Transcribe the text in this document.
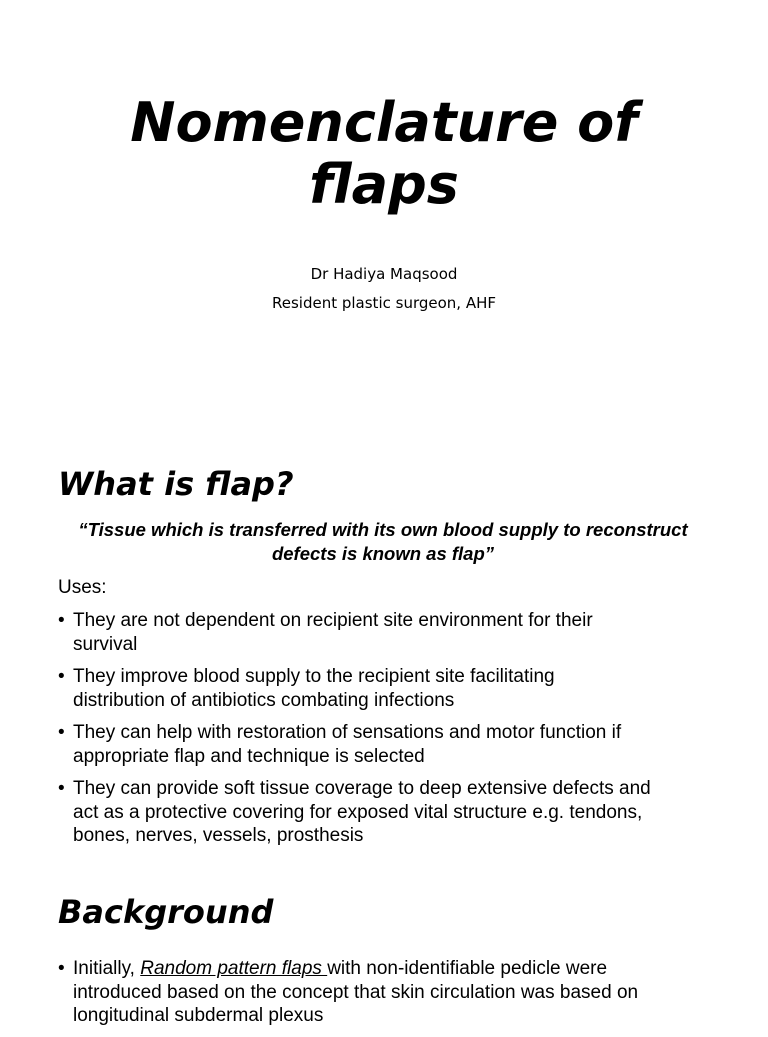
Nomenclature of
flaps
Dr Hadiya Maqsood
Resident plastic surgeon, AHF
What is flap?
“Tissue which is transferred with its own blood supply to reconstruct
defects is known as flap”
Uses:
• They are not dependent on recipient site environment for their
survival
• They improve blood supply to the recipient site facilitating
distribution of antibiotics combating infections
• They can help with restoration of sensations and motor function if
appropriate flap and technique is selected
• They can provide soft tissue coverage to deep extensive defects and
act as a protective covering for exposed vital structure e.g. tendons,
bones, nerves, vessels, prosthesis
Background
• Initially, Random pattern flaps with non-identifiable pedicle were
introduced based on the concept that skin circulation was based on
longitudinal subdermal plexus
